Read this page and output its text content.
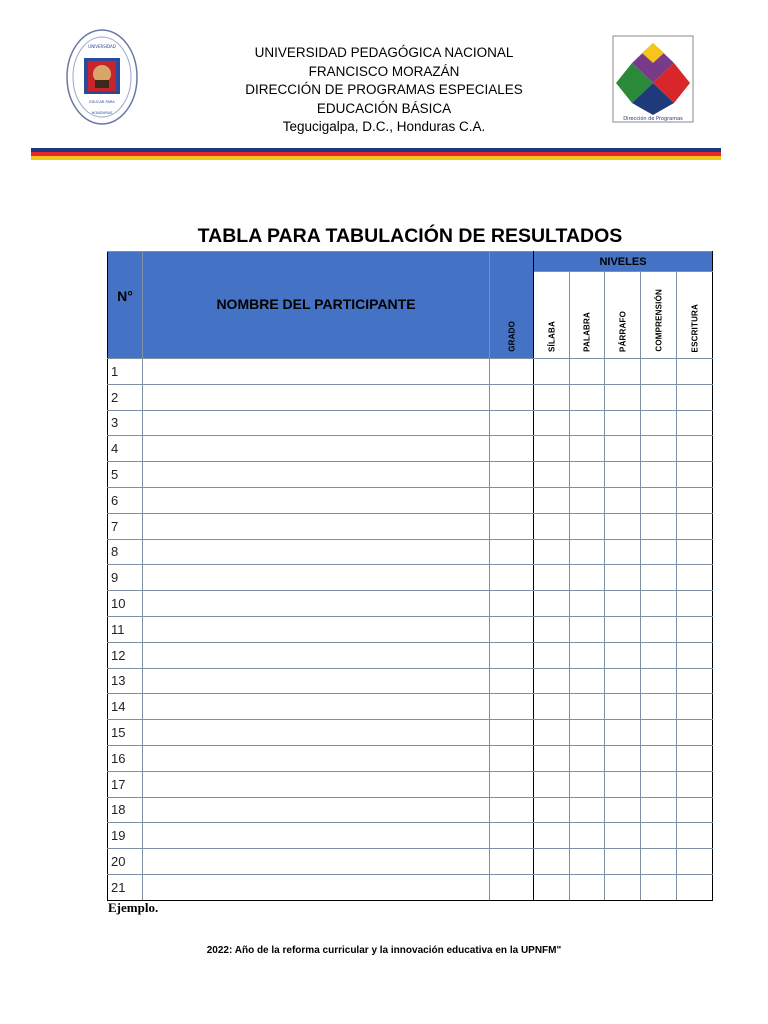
UNIVERSIDAD
EDUCAR PARA
HONDURAS
UNIVERSIDAD PEDAGÓGICA NACIONAL
FRANCISCO MORAZÁN
DIRECCIÓN DE PROGRAMAS ESPECIALES
EDUCACIÓN BÁSICA
Tegucigalpa, D.C., Honduras C.A.	Dirección de Programas
TABLA PARA TABULACIÓN DE RESULTADOS
N°	NOMBRE DEL PARTICIPANTE	GRADO	NIVELES				

			SÍLABA	PALABRA	PÁRRAFO	COMPRENSIÓN	ESCRITURA

1							
2							
3							
4							
5							
6							
7							
8							
9							
10							
11							
12							
13							
14							
15							
16							
17							
18							
19							
20							
21							
Ejemplo.
2022: Año de la reforma curricular y la innovación educativa en la UPNFM"
